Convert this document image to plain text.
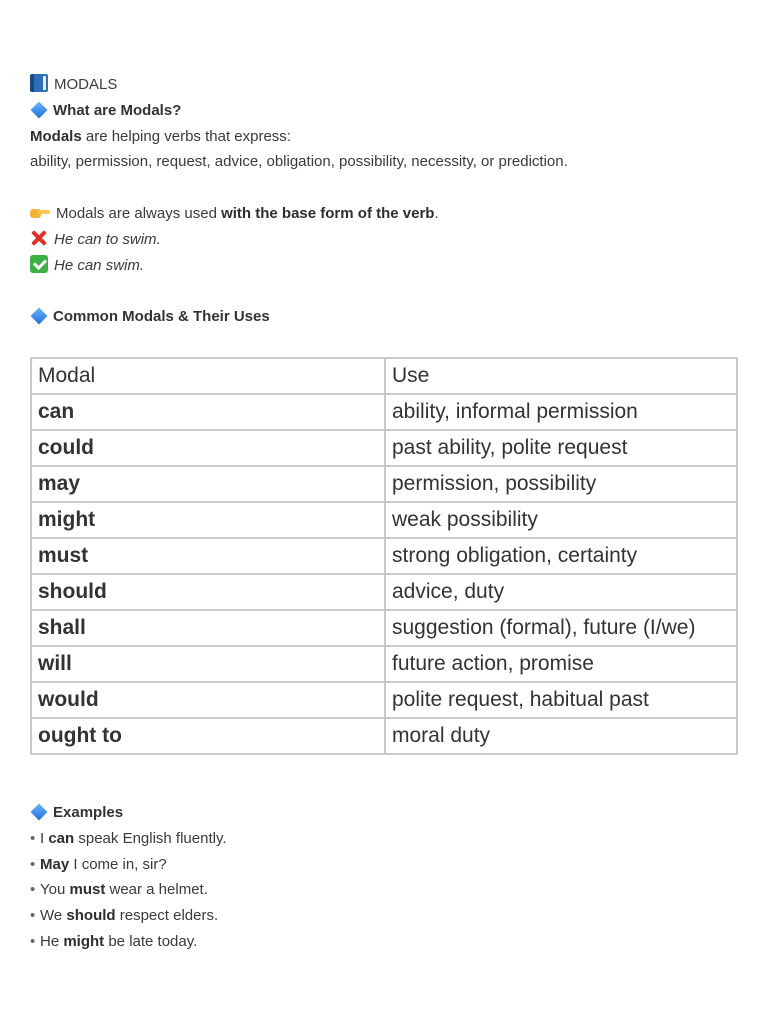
MODALS
What are Modals?
Modals are helping verbs that express:
ability, permission, request, advice, obligation, possibility, necessity, or prediction.
Modals are always used with the base form of the verb.
He can to swim.
He can swim.
Common Modals & Their Uses
Modal	Use
can	ability, informal permission
could	past ability, polite request
may	permission, possibility
might	weak possibility
must	strong obligation, certainty
should	advice, duty
shall	suggestion (formal), future (I/we)
will	future action, promise
would	polite request, habitual past
ought to	moral duty
Examples
• I can speak English fluently.
• May I come in, sir?
• You must wear a helmet.
• We should respect elders.
• He might be late today.
